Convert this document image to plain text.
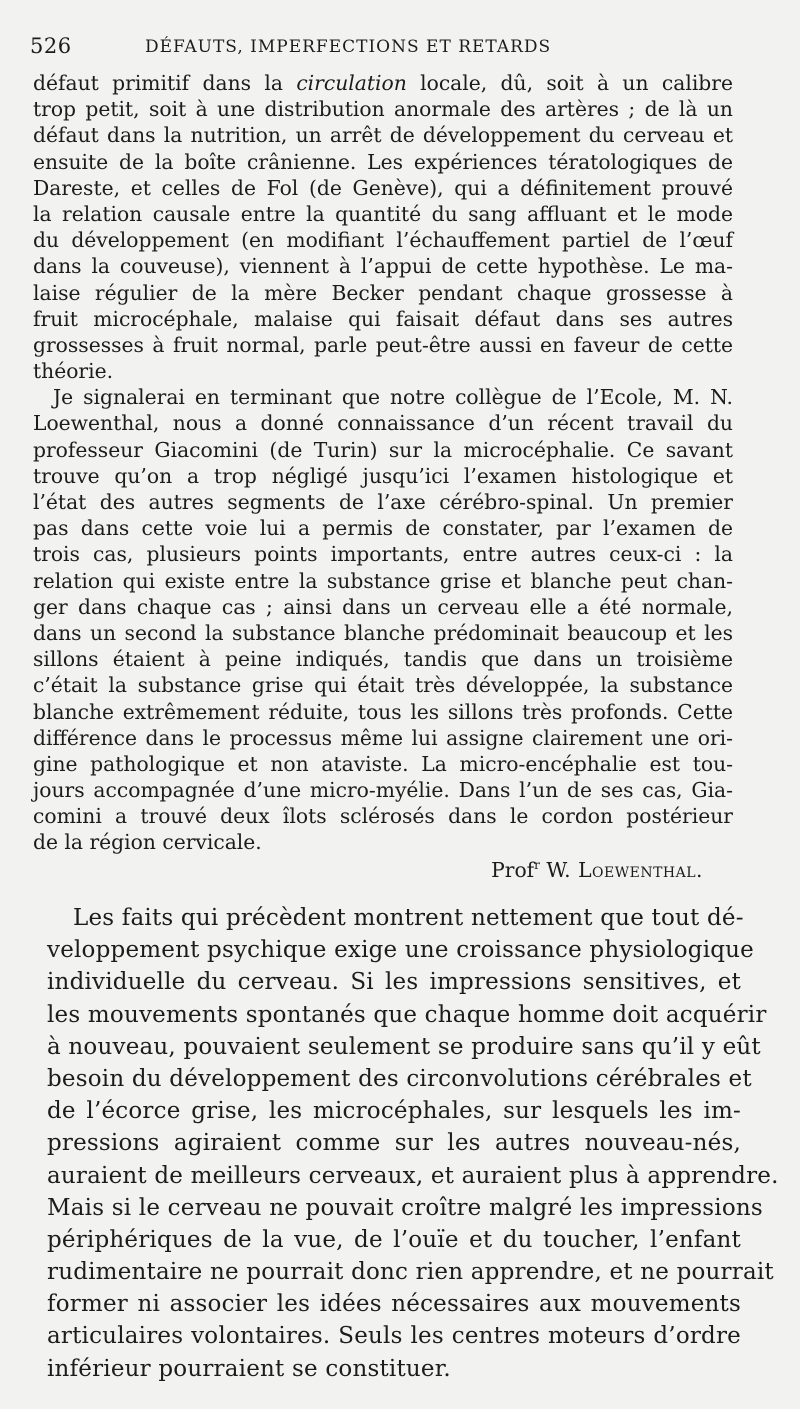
526	DÉFAUTS, IMPERFECTIONS ET RETARDS
défaut primitif dans la circulation locale, dû, soit à un calibre
trop petit, soit à une distribution anormale des artères ; de là un
défaut dans la nutrition, un arrêt de développement du cerveau et
ensuite de la boîte crânienne. Les expériences tératologiques de
Dareste, et celles de Fol (de Genève), qui a définitement prouvé
la relation causale entre la quantité du sang affluant et le mode
du développement (en modifiant l’échauffement partiel de l’œuf
dans la couveuse), viennent à l’appui de cette hypothèse. Le ma-
laise régulier de la mère Becker pendant chaque grossesse à
fruit microcéphale, malaise qui faisait défaut dans ses autres
grossesses à fruit normal, parle peut-être aussi en faveur de cette
théorie.
Je signalerai en terminant que notre collègue de l’Ecole, M. N.
Loewenthal, nous a donné connaissance d’un récent travail du
professeur Giacomini (de Turin) sur la microcéphalie. Ce savant
trouve qu’on a trop négligé jusqu’ici l’examen histologique et
l’état des autres segments de l’axe cérébro-spinal. Un premier
pas dans cette voie lui a permis de constater, par l’examen de
trois cas, plusieurs points importants, entre autres ceux-ci : la
relation qui existe entre la substance grise et blanche peut chan-
ger dans chaque cas ; ainsi dans un cerveau elle a été normale,
dans un second la substance blanche prédominait beaucoup et les
sillons étaient à peine indiqués, tandis que dans un troisième
c’était la substance grise qui était très développée, la substance
blanche extrêmement réduite, tous les sillons très profonds. Cette
différence dans le processus même lui assigne clairement une ori-
gine pathologique et non ataviste. La micro-encéphalie est tou-
jours accompagnée d’une micro-myélie. Dans l’un de ses cas, Gia-
comini a trouvé deux îlots sclérosés dans le cordon postérieur
de la région cervicale.
Prof$^r$ W. Loewenthal.
Les faits qui précèdent montrent nettement que tout dé-
veloppement psychique exige une croissance physiologique
individuelle du cerveau. Si les impressions sensitives, et
les mouvements spontanés que chaque homme doit acquérir
à nouveau, pouvaient seulement se produire sans qu’il y eût
besoin du développement des circonvolutions cérébrales et
de l’écorce grise, les microcéphales, sur lesquels les im-
pressions agiraient comme sur les autres nouveau-nés,
auraient de meilleurs cerveaux, et auraient plus à apprendre.
Mais si le cerveau ne pouvait croître malgré les impressions
périphériques de la vue, de l’ouïe et du toucher, l’enfant
rudimentaire ne pourrait donc rien apprendre, et ne pourrait
former ni associer les idées nécessaires aux mouvements
articulaires volontaires. Seuls les centres moteurs d’ordre
inférieur pourraient se constituer.
